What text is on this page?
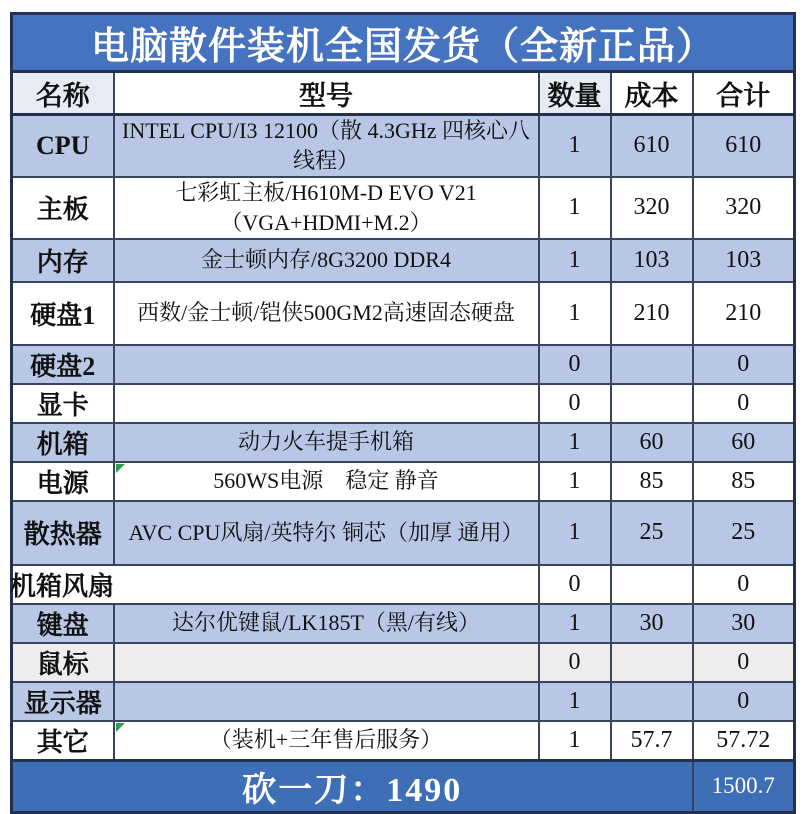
电脑散件装机全国发货（全新正品）				
名称	型号	数量	成本	合计
CPU	INTEL CPU/I3 12100（散 4.3GHz 四核心八线程）	1	610	610
主板	七彩虹主板/H610M-D EVO V21 （VGA+HDMI+M.2）	1	320	320
内存	金士顿内存/8G3200 DDR4	1	103	103
硬盘1	西数/金士顿/铠侠500GM2高速固态硬盘	1	210	210
硬盘2		0		0
显卡		0		0
机箱	动力火车提手机箱	1	60	60
电源	560WS电源　稳定 静音	1	85	85
散热器	AVC CPU风扇/英特尔 铜芯（加厚 通用）	1	25	25
机箱风扇		0		0
键盘	达尔优键鼠/LK185T（黑/有线）	1	30	30
鼠标		0		0
显示器		1		0
其它	（装机+三年售后服务）	1	57.7	57.72
砍一刀：1490				1500.7
